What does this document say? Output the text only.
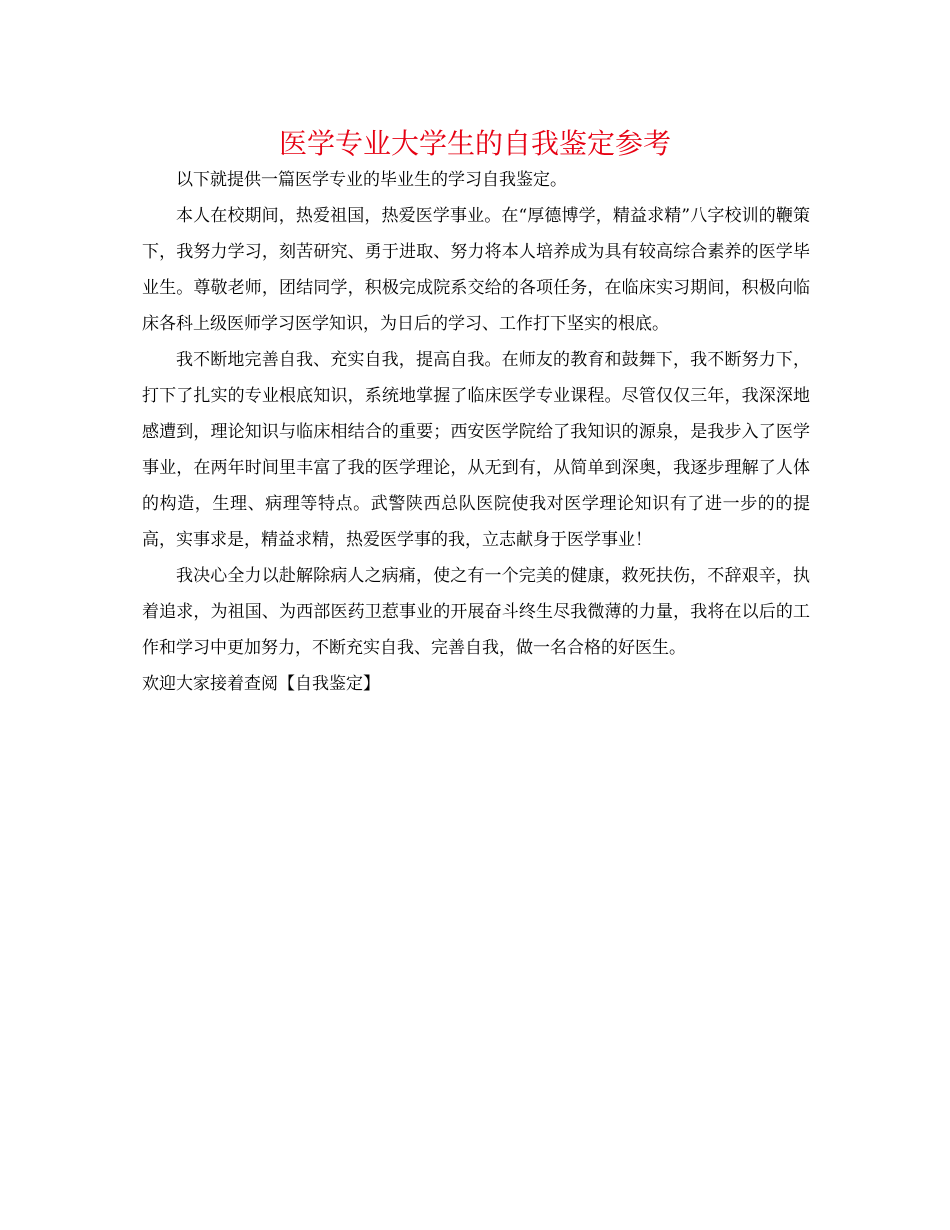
医学专业大学生的自我鉴定参考

以下就提供一篇医学专业的毕业生的学习自我鉴定。

本人在校期间，热爱祖国，热爱医学事业。在“厚德博学，精益求精”八字校训的鞭策下，我努力学习，刻苦研究、勇于进取、努力将本人培养成为具有较高综合素养的医学毕业生。尊敬老师，团结同学，积极完成院系交给的各项任务，在临床实习期间，积极向临床各科上级医师学习医学知识，为日后的学习、工作打下坚实的根底。

我不断地完善自我、充实自我，提高自我。在师友的教育和鼓舞下，我不断努力下，打下了扎实的专业根底知识，系统地掌握了临床医学专业课程。尽管仅仅三年，我深深地感遭到，理论知识与临床相结合的重要；西安医学院给了我知识的源泉，是我步入了医学事业，在两年时间里丰富了我的医学理论，从无到有，从简单到深奥，我逐步理解了人体的构造，生理、病理等特点。武警陕西总队医院使我对医学理论知识有了进一步的的提高，实事求是，精益求精，热爱医学事的我，立志献身于医学事业！

我决心全力以赴解除病人之病痛，使之有一个完美的健康，救死扶伤，不辞艰辛，执着追求，为祖国、为西部医药卫惹事业的开展奋斗终生尽我微薄的力量，我将在以后的工作和学习中更加努力，不断充实自我、完善自我，做一名合格的好医生。

欢迎大家接着查阅【自我鉴定】
